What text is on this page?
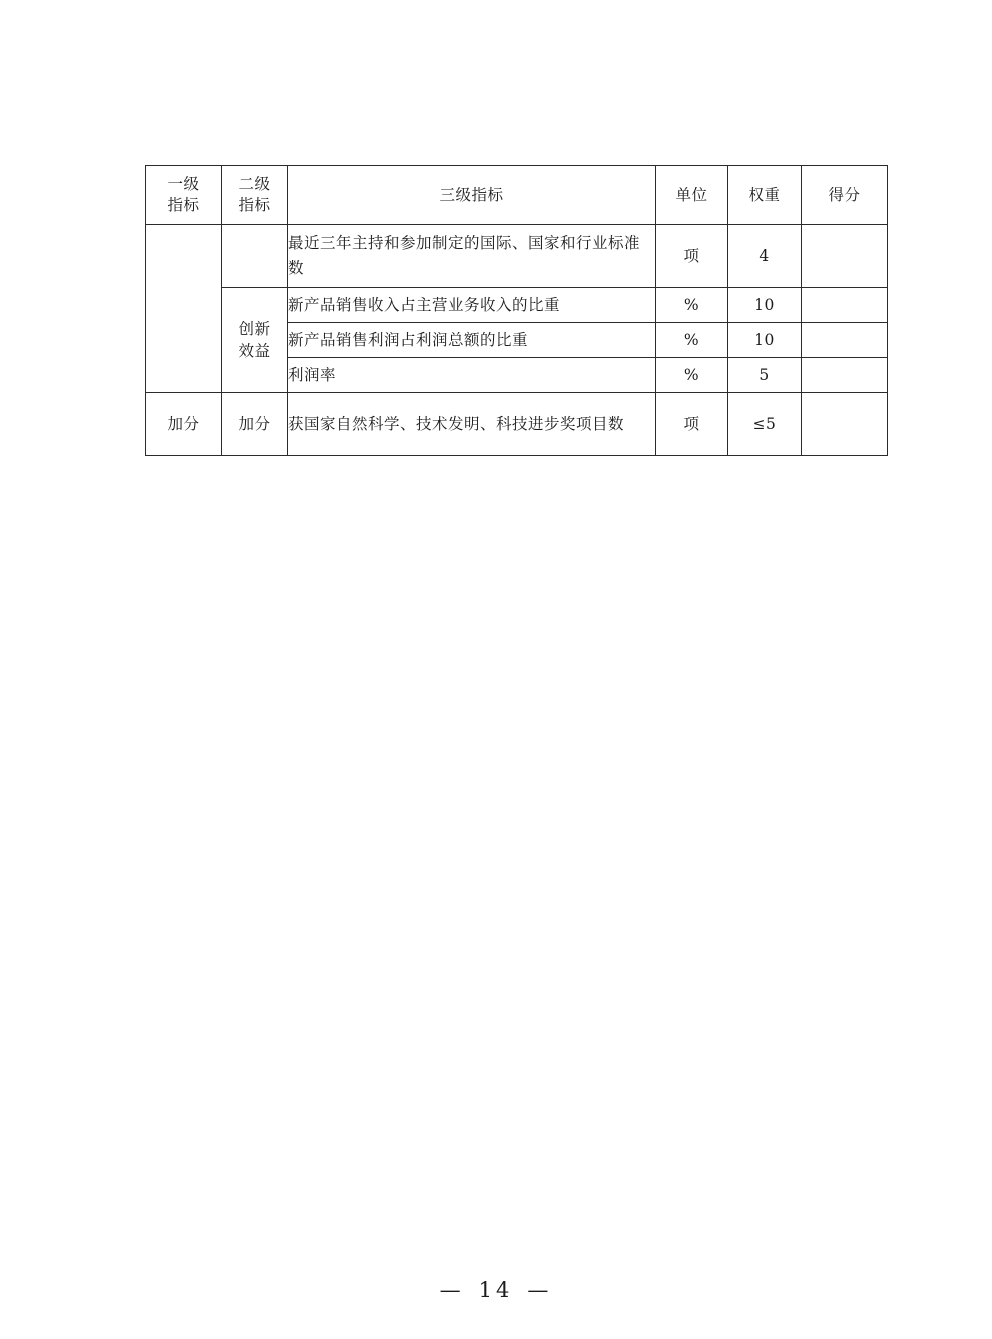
一级
指标	二级
指标	三级指标	单位	权重	得分

		最近三年主持和参加制定的国际、国家和行业标准数	项	4	

	创新
效益	新产品销售收入占主营业务收入的比重	%	10	

		新产品销售利润占利润总额的比重	%	10	

		利润率	%	5	
加分	加分	获国家自然科学、技术发明、科技进步奖项目数	项	≤5	
— 14 —
